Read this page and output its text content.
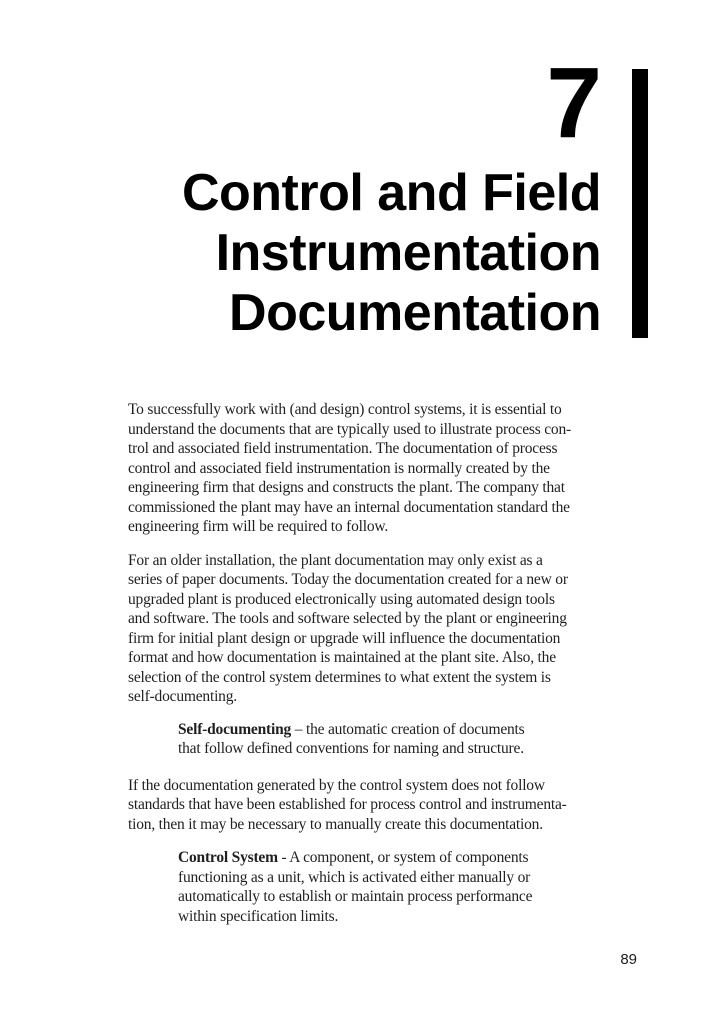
7
Control and Field
Instrumentation
Documentation
To successfully work with (and design) control systems, it is essential to
understand the documents that are typically used to illustrate process con-
trol and associated field instrumentation. The documentation of process
control and associated field instrumentation is normally created by the
engineering firm that designs and constructs the plant. The company that
commissioned the plant may have an internal documentation standard the
engineering firm will be required to follow.
For an older installation, the plant documentation may only exist as a
series of paper documents. Today the documentation created for a new or
upgraded plant is produced electronically using automated design tools
and software. The tools and software selected by the plant or engineering
firm for initial plant design or upgrade will influence the documentation
format and how documentation is maintained at the plant site. Also, the
selection of the control system determines to what extent the system is
self-documenting.
Self-documenting – the automatic creation of documents
that follow defined conventions for naming and structure.
If the documentation generated by the control system does not follow
standards that have been established for process control and instrumenta-
tion, then it may be necessary to manually create this documentation.
Control System - A component, or system of components
functioning as a unit, which is activated either manually or
automatically to establish or maintain process performance
within specification limits.
89
